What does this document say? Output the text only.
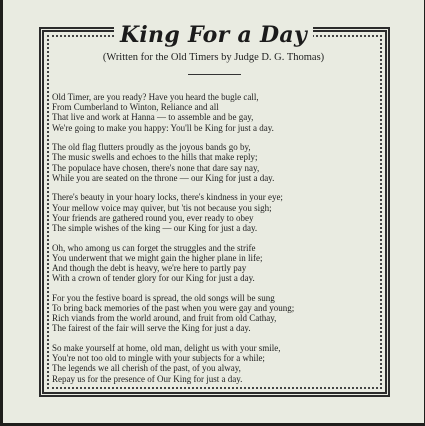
King For a Day

(Written for the Old Timers by Judge D. G. Thomas)

Old Timer, are you ready? Have you heard the bugle call,
From Cumberland to Winton, Reliance and all
That live and work at Hanna — to assemble and be gay,
We're going to make you happy: You'll be King for just a day.
The old flag flutters proudly as the joyous bands go by,
The music swells and echoes to the hills that make reply;
The populace have chosen, there's none that dare say nay,
While you are seated on the throne — our King for just a day.
There's beauty in your hoary locks, there's kindness in your eye;
Your mellow voice may quiver, but 'tis not because you sigh;
Your friends are gathered round you, ever ready to obey
The simple wishes of the king — our King for just a day.
Oh, who among us can forget the struggles and the strife
You underwent that we might gain the higher plane in life;
And though the debt is heavy, we're here to partly pay
With a crown of tender glory for our King for just a day.
For you the festive board is spread, the old songs will be sung
To bring back memories of the past when you were gay and young;
Rich viands from the world around, and fruit from old Cathay,
The fairest of the fair will serve the King for just a day.
So make yourself at home, old man, delight us with your smile,
You're not too old to mingle with your subjects for a while;
The legends we all cherish of the past, of you alway,
Repay us for the presence of Our King for just a day.
